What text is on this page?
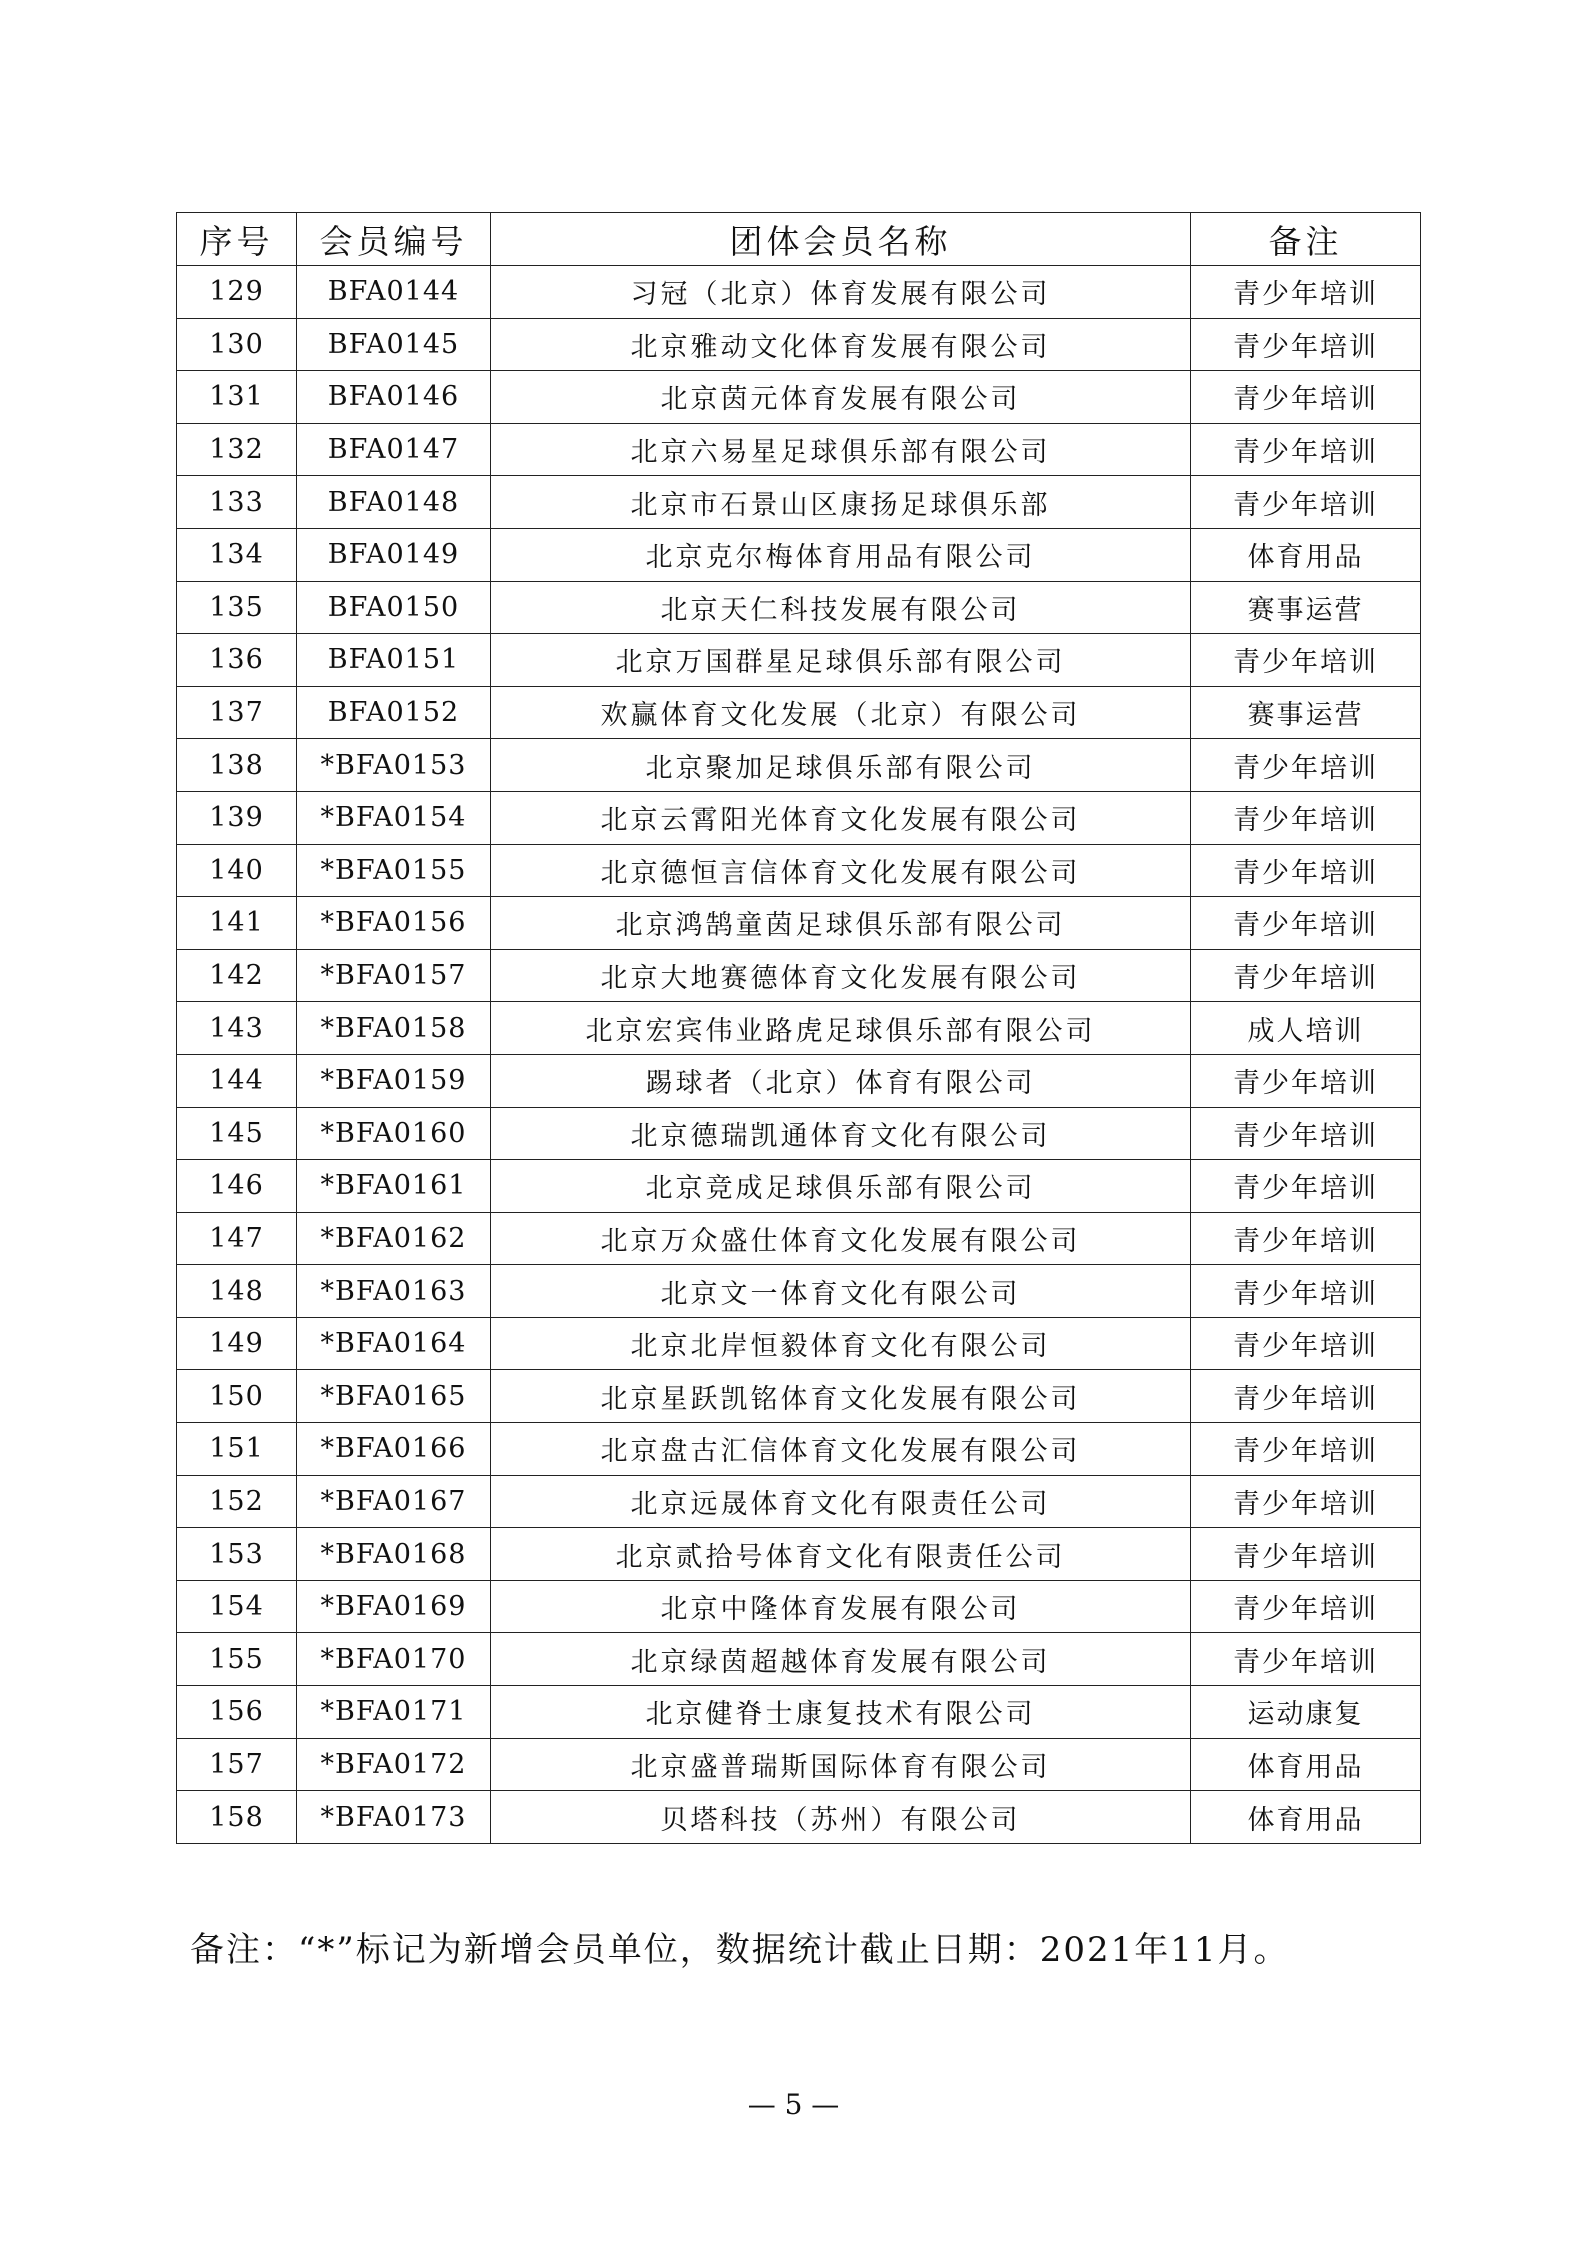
序号	会员编号	团体会员名称	备注
129	BFA0144	习冠（北京）体育发展有限公司	青少年培训
130	BFA0145	北京雅动文化体育发展有限公司	青少年培训
131	BFA0146	北京茵元体育发展有限公司	青少年培训
132	BFA0147	北京六易星足球俱乐部有限公司	青少年培训
133	BFA0148	北京市石景山区康扬足球俱乐部	青少年培训
134	BFA0149	北京克尔梅体育用品有限公司	体育用品
135	BFA0150	北京天仁科技发展有限公司	赛事运营
136	BFA0151	北京万国群星足球俱乐部有限公司	青少年培训
137	BFA0152	欢赢体育文化发展（北京）有限公司	赛事运营
138	*BFA0153	北京聚加足球俱乐部有限公司	青少年培训
139	*BFA0154	北京云霄阳光体育文化发展有限公司	青少年培训
140	*BFA0155	北京德恒言信体育文化发展有限公司	青少年培训
141	*BFA0156	北京鸿鹄童茵足球俱乐部有限公司	青少年培训
142	*BFA0157	北京大地赛德体育文化发展有限公司	青少年培训
143	*BFA0158	北京宏宾伟业路虎足球俱乐部有限公司	成人培训
144	*BFA0159	踢球者（北京）体育有限公司	青少年培训
145	*BFA0160	北京德瑞凯通体育文化有限公司	青少年培训
146	*BFA0161	北京竞成足球俱乐部有限公司	青少年培训
147	*BFA0162	北京万众盛仕体育文化发展有限公司	青少年培训
148	*BFA0163	北京文一体育文化有限公司	青少年培训
149	*BFA0164	北京北岸恒毅体育文化有限公司	青少年培训
150	*BFA0165	北京星跃凯铭体育文化发展有限公司	青少年培训
151	*BFA0166	北京盘古汇信体育文化发展有限公司	青少年培训
152	*BFA0167	北京远晟体育文化有限责任公司	青少年培训
153	*BFA0168	北京贰拾号体育文化有限责任公司	青少年培训
154	*BFA0169	北京中隆体育发展有限公司	青少年培训
155	*BFA0170	北京绿茵超越体育发展有限公司	青少年培训
156	*BFA0171	北京健脊士康复技术有限公司	运动康复
157	*BFA0172	北京盛普瑞斯国际体育有限公司	体育用品
158	*BFA0173	贝塔科技（苏州）有限公司	体育用品
备注：“*”标记为新增会员单位，数据统计截止日期：2021年11月。
— 5 —
